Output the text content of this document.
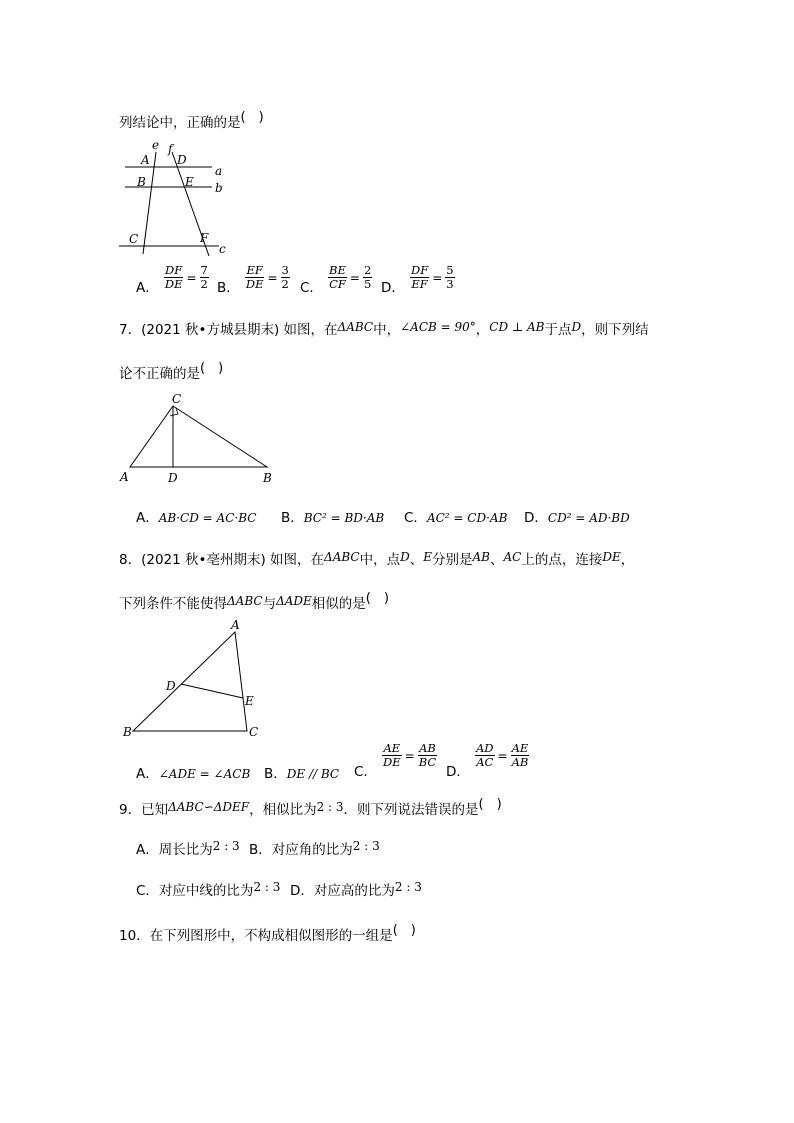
列结论中，正确的是(　)
A
B
C
D
E
F
e f
a
b
c
$_{A.} \frac{DF}{DE} = \frac{7}{2} _{B.} \frac{EF}{DE} = \frac{3}{2} _{C.} \frac{BE}{CF} = \frac{2}{5} _{D.} \frac{DF}{EF} = \frac{5}{3}$
7．(2021 秋•方城县期末) 如图，在ΔABC中，∠ACB = 90°，CD ⊥ AB于点D，则下列结
论不正确的是(　)
A	B
C
D
A．AB·CD = AC·BC B．BC² = BD·AB C．AC² = CD·AB D．CD² = AD·BD
8．(2021 秋•亳州期末) 如图，在ΔABC中，点D、E分别是AB、AC上的点，连接DE，
下列条件不能使得ΔABC与ΔADE相似的是(　)
A
B	C
D
E
A．∠ADE = ∠ACB B．DE // BC $_{C.}$
$\frac{AE}{DE} = \frac{AB}{BC}$
$_{D.}$
$\frac{AD}{AC} = \frac{AE}{AB}$
9．已知ΔABC∽ΔDEF，相似比为2 : 3．则下列说法错误的是(　)
A．周长比为2 : 3 B．对应角的比为2 : 3
C．对应中线的比为2 : 3 D．对应高的比为2 : 3
10．在下列图形中，不构成相似图形的一组是(　)
